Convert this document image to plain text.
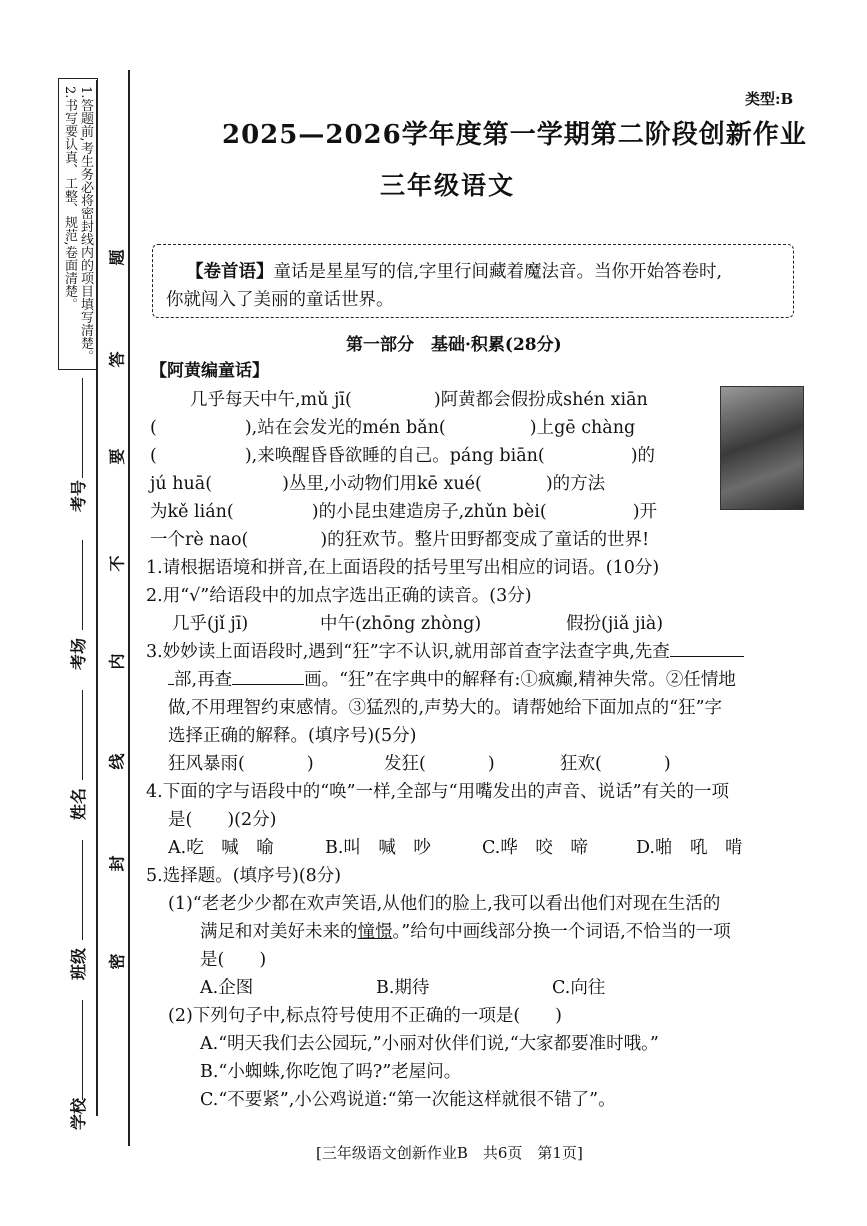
1.答题前,考生务必将密封线内的项目填写清楚。
2.书写要认真、工整、规范,卷面清楚。
学校
班级
姓名
考场
考号
题
答
要
不
内
线
封
密
类型:B
2025—2026学年度第一学期第二阶段创新作业
三年级语文
【卷首语】童话是星星写的信,字里行间藏着魔法音。当你开始答卷时,
你就闯入了美丽的童话世界。
第一部分　基础·积累(28分)
【阿黄编童话】
几乎每天中午,mǔ jī(	)阿黄都会假扮成shén xiān
(	),站在会发光的mén bǎn(	)上gē chàng
(	),来唤醒昏昏欲睡的自己。páng biān(	)的
jú huā(	)丛里,小动物们用kē xué(	)的方法
为kě lián(	)的小昆虫建造房子,zhǔn bèi(	)开
一个rè nao(	)的狂欢节。整片田野都变成了童话的世界!
1.请根据语境和拼音,在上面语段的括号里写出相应的词语。(10分)
2.用“√”给语段中的加点字选出正确的读音。(3分)
几乎(jǐ jī)	中午(zhōng zhòng)	假扮(jiǎ jià)
3.妙妙读上面语段时,遇到“狂”字不认识,就用部首查字法查字典,先查
部,再查	画。“狂”在字典中的解释有:①疯癫,精神失常。②任情地
做,不用理智约束感情。③猛烈的,声势大的。请帮她给下面加点的“狂”字
选择正确的解释。(填序号)(5分)
狂风暴雨(	)	发狂(	)	狂欢(	)
4.下面的字与语段中的“唤”一样,全部与“用嘴发出的声音、说话”有关的一项
是(　　)(2分)
A.吃　喊　喻	B.叫　喊　吵	C.哗　咬　啼	D.啪　吼　啃
5.选择题。(填序号)(8分)
(1)“老老少少都在欢声笑语,从他们的脸上,我可以看出他们对现在生活的
满足和对美好未来的憧憬。”给句中画线部分换一个词语,不恰当的一项
是(　　)
A.企图	B.期待	C.向往
(2)下列句子中,标点符号使用不正确的一项是(　　)
A.“明天我们去公园玩,”小丽对伙伴们说,“大家都要准时哦。”
B.“小蜘蛛,你吃饱了吗?”老屋问。
C.“不要紧”,小公鸡说道:“第一次能这样就很不错了”。
[三年级语文创新作业B　共6页　第1页]
